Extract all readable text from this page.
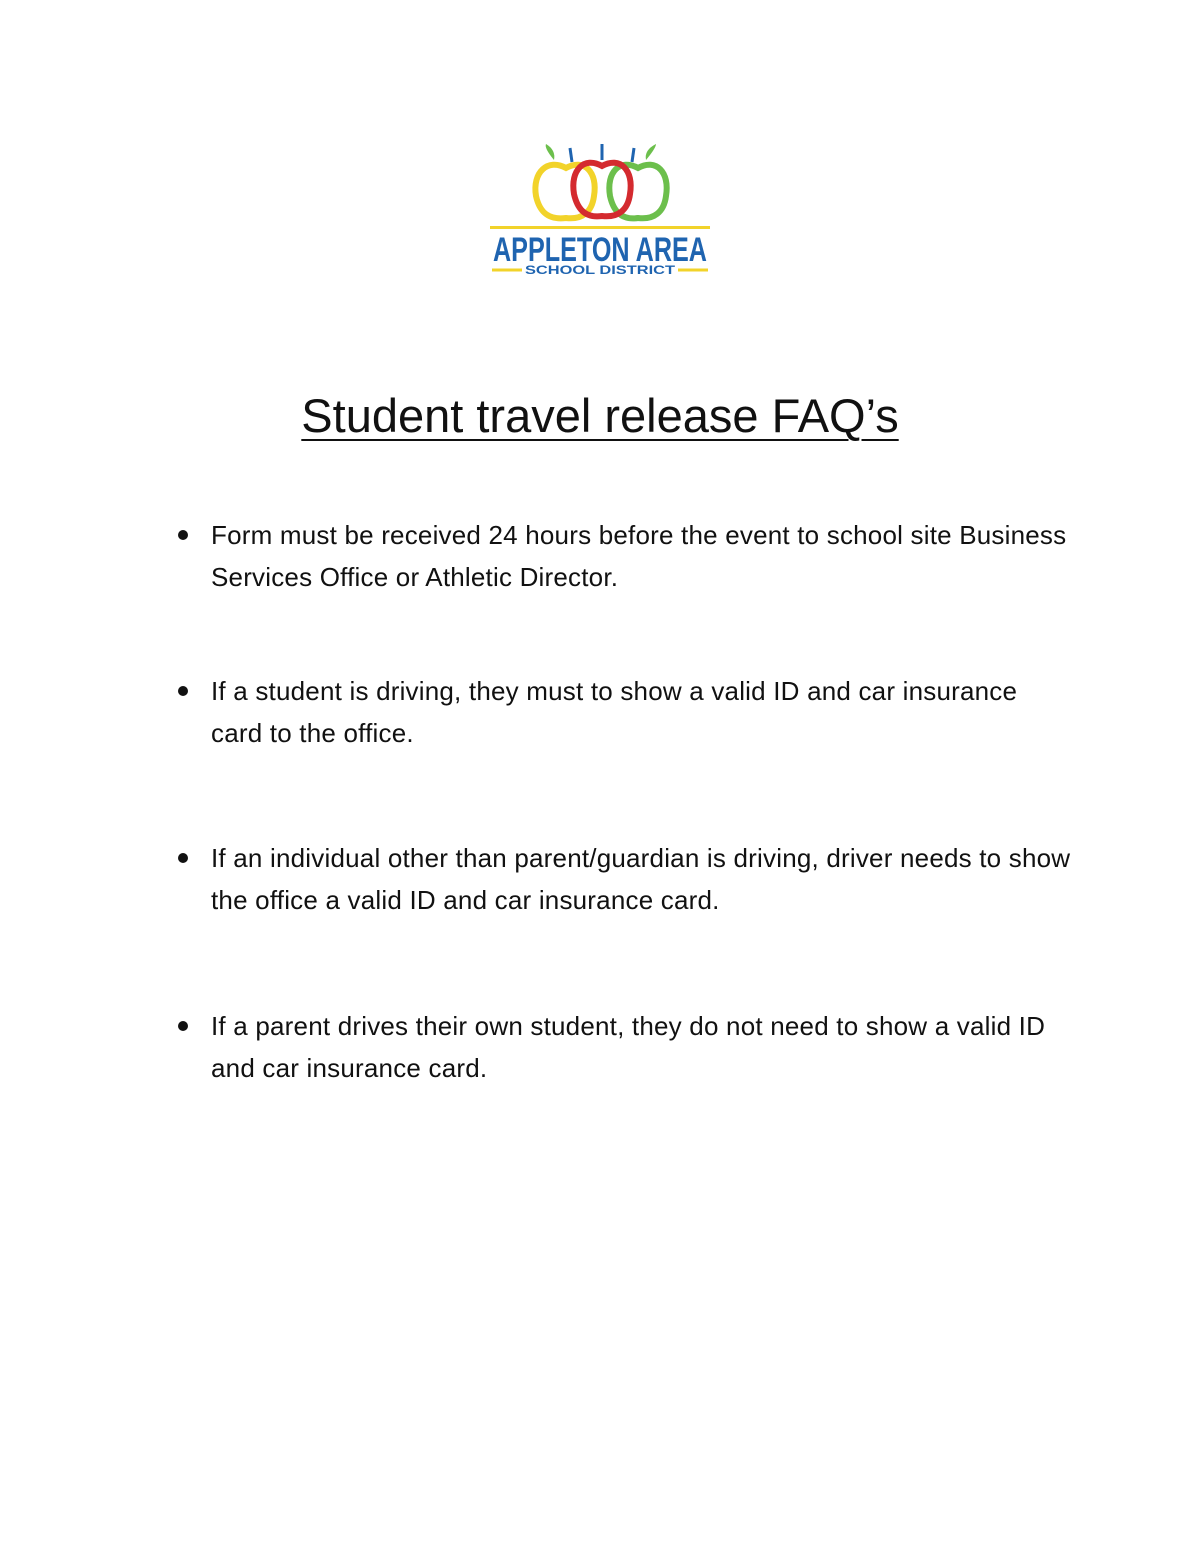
APPLETON AREA
SCHOOL DISTRICT
Student travel release FAQ’s
Form must be received 24 hours before the event to school site Business Services Office or Athletic Director.
If a student is driving, they must to show a valid ID and car insurance card to the office.
If an individual other than parent/guardian is driving, driver needs to show the office a valid ID and car insurance card.
If a parent drives their own student, they do not need to show a valid ID and car insurance card.
